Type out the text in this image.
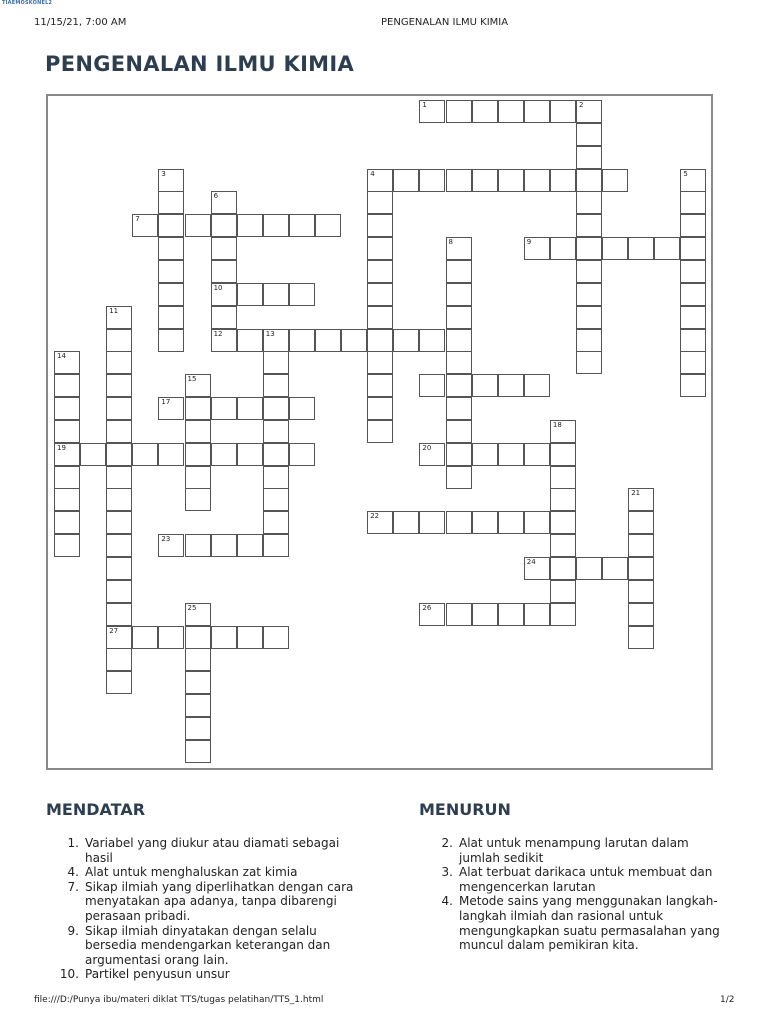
TIAEMOSKONEL2
11/15/21, 7:00 AM	PENGENALAN ILMU KIMIA
PENGENALAN ILMU KIMIA
1	2
3	4	5
6
10
12
7
8	9
11
27
13
14
19
15
17
18
20
21
22
23
24
25	26
MENDATAR	MENURUN
1. Variabel yang diukur atau diamati sebagai hasil
4. Alat untuk menghaluskan zat kimia
7. Sikap ilmiah yang diperlihatkan dengan cara menyatakan apa adanya, tanpa dibarengi perasaan pribadi.
9. Sikap ilmiah dinyatakan dengan selalu bersedia mendengarkan keterangan dan argumentasi orang lain.
10. Partikel penyusun unsur
2. Alat untuk menampung larutan dalam jumlah sedikit
3. Alat terbuat darikaca untuk membuat dan mengencerkan larutan
4. Metode sains yang menggunakan langkah-langkah ilmiah dan rasional untuk mengungkapkan suatu permasalahan yang muncul dalam pemikiran kita.
file:///D:/Punya ibu/materi diklat TTS/tugas pelatihan/TTS_1.html	1/2
